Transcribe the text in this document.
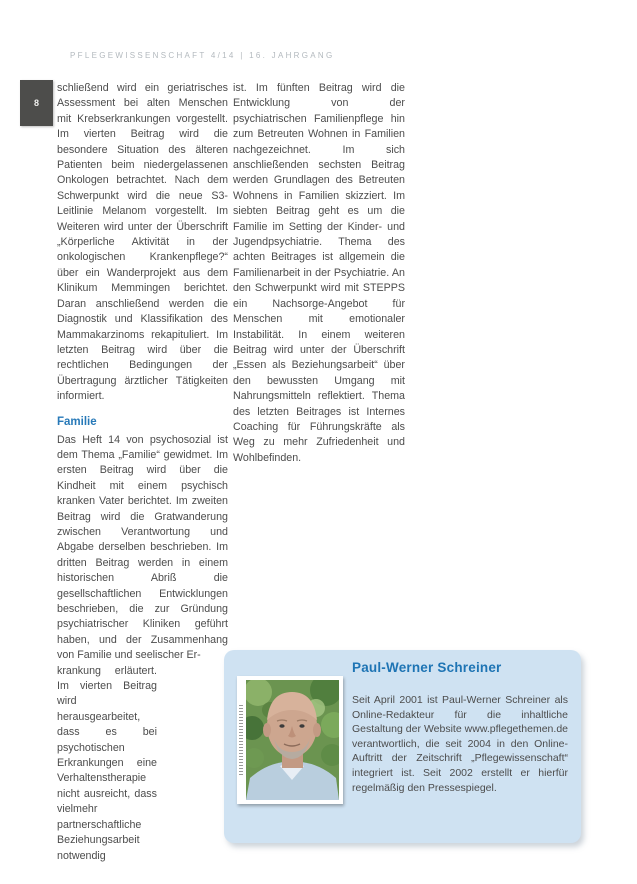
PFLEGEWISSENSCHAFT 4/14 | 16. JAHRGANG
8

schließend wird ein geriatrisches Assessment bei alten Menschen mit Krebserkrankungen vorgestellt. Im vierten Beitrag wird die besondere Situation des älteren Patienten beim niedergelassenen Onkologen betrachtet. Nach dem Schwerpunkt wird die neue S3-Leitlinie Melanom vorgestellt. Im Weiteren wird unter der Überschrift „Körperliche Aktivität in der onkologischen Krankenpflege?“ über ein Wanderprojekt aus dem Klinikum Memmingen berichtet. Daran anschließend werden die Diagnostik und Klassifikation des Mammakarzinoms rekapituliert. Im letzten Beitrag wird über die rechtlichen Bedingungen der Übertragung ärztlicher Tätigkeiten informiert.

Familie

Das Heft 14 von psychosozial ist dem Thema „Familie“ gewidmet. Im ersten Beitrag wird über die Kindheit mit einem psychisch kranken Vater berichtet. Im zweiten Beitrag wird die Gratwanderung zwischen Verantwortung und Abgabe derselben beschrieben. Im dritten Beitrag werden in einem historischen Abriß die gesellschaftlichen Entwicklungen beschrieben, die zur Gründung psychiatrischer Kliniken geführt haben, und der Zusammenhang von Familie und seelischer Er-

krankung erläutert. Im vierten Beitrag wird herausgearbeitet, dass es bei psychotischen Erkrankungen eine Verhaltenstherapie nicht ausreicht, dass vielmehr partnerschaftliche Beziehungsarbeit notwendig

ist. Im fünften Beitrag wird die Entwicklung von der psychiatrischen Familienpflege hin zum Betreuten Wohnen in Familien nachgezeichnet. Im sich anschließenden sechsten Beitrag werden Grundlagen des Betreuten Wohnens in Familien skizziert. Im siebten Beitrag geht es um die Familie im Setting der Kinder- und Jugendpsychiatrie. Thema des achten Beitrages ist allgemein die Familienarbeit in der Psychiatrie. An den Schwerpunkt wird mit STEPPS ein Nachsorge-Angebot für Menschen mit emotionaler Instabilität. In einem weiteren Beitrag wird unter der Überschrift „Essen als Beziehungsarbeit“ über den bewussten Umgang mit Nahrungsmitteln reflektiert. Thema des letzten Beitrages ist Internes Coaching für Führungskräfte als Weg zu mehr Zufriedenheit und Wohlbefinden.

Paul-Werner Schreiner

Seit April 2001 ist Paul-Werner Schreiner als Online-Redakteur für die inhaltliche Gestaltung der Website www.pflegethemen.de verantwortlich, die seit 2004 in den Online-Auftritt der Zeitschrift „Pflegewissenschaft“ integriert ist. Seit 2002 erstellt er hierfür regelmäßig den Pressespiegel.
